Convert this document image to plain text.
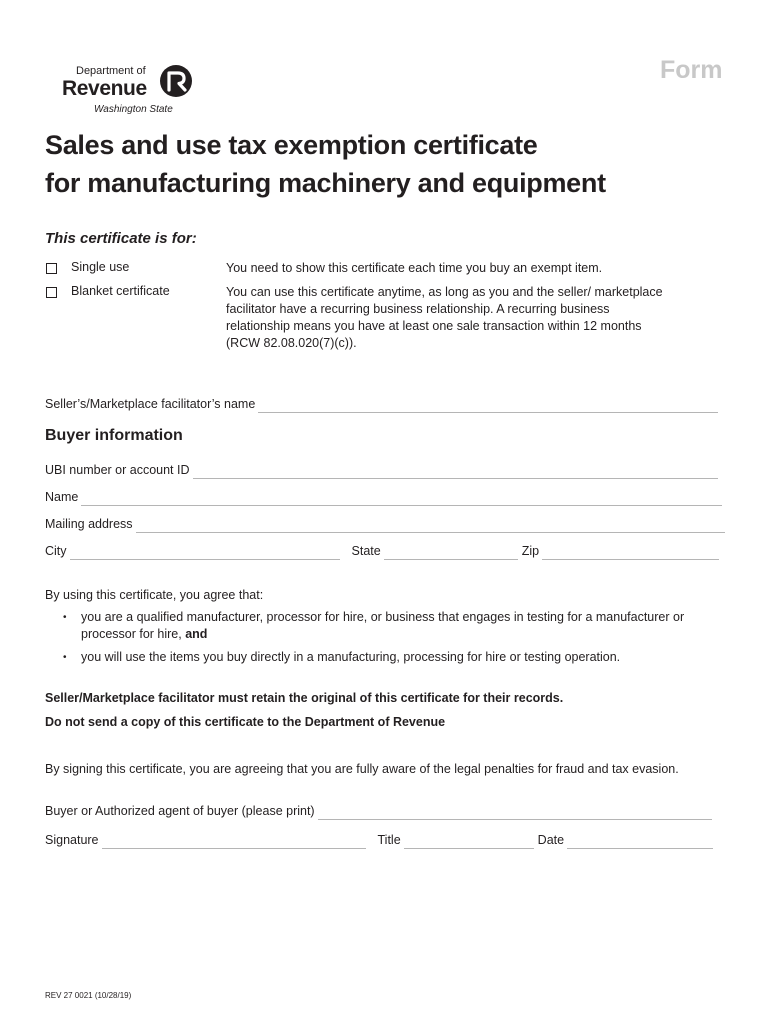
Form
Department of
Revenue
Washington State
Sales and use tax exemption certificate
for manufacturing machinery and equipment
This certificate is for:
Single use	You need to show this certificate each time you buy an exempt item.
Blanket certificate	You can use this certificate anytime, as long as you and the seller/ marketplace facilitator have a recurring business relationship. A recurring business relationship means you have at least one sale transaction within 12 months (RCW 82.08.020(7)(c)).
Seller’s/Marketplace facilitator’s name
Buyer information
UBI number or account ID
Name
Mailing address
City	State	Zip
By using this certificate, you agree that:
• you are a qualified manufacturer, processor for hire, or business that engages in testing for a manufacturer or processor for hire, and
• you will use the items you buy directly in a manufacturing, processing for hire or testing operation.
Seller/Marketplace facilitator must retain the original of this certificate for their records.
Do not send a copy of this certificate to the Department of Revenue
By signing this certificate, you are agreeing that you are fully aware of the legal penalties for fraud and tax evasion.
Buyer or Authorized agent of buyer (please print)
Signature	Title	Date
REV 27 0021 (10/28/19)
